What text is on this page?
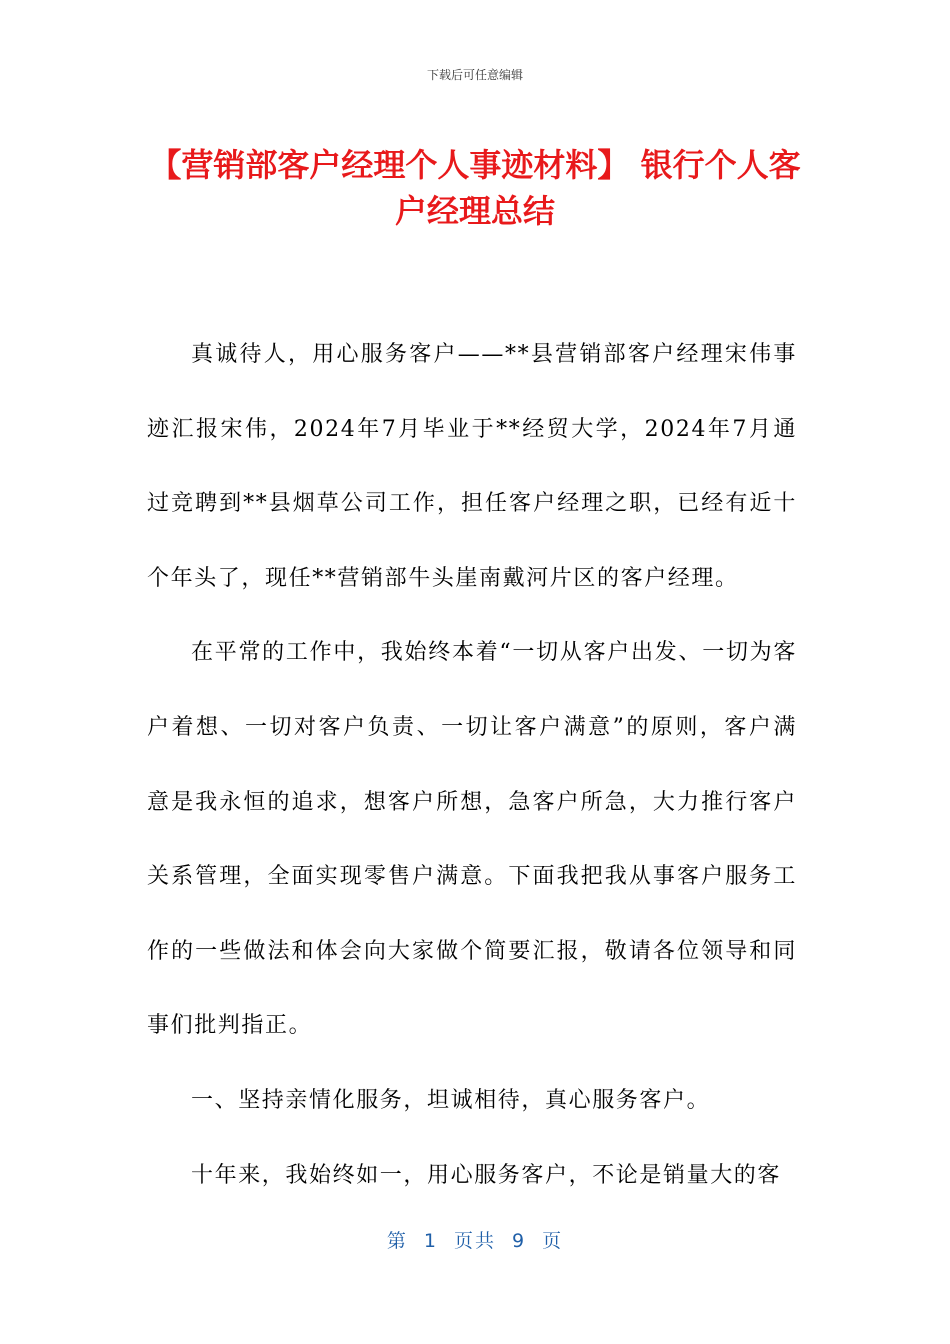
下载后可任意编辑
【营销部客户经理个人事迹材料】 银行个人客户经理总结

真诚待人，用心服务客户——**县营销部客户经理宋伟事迹汇报宋伟，2024年7月毕业于**经贸大学，2024年7月通过竞聘到**县烟草公司工作，担任客户经理之职，已经有近十个年头了，现任**营销部牛头崖南戴河片区的客户经理。

在平常的工作中，我始终本着“一切从客户出发、一切为客户着想、一切对客户负责、一切让客户满意”的原则，客户满意是我永恒的追求，想客户所想，急客户所急，大力推行客户关系管理，全面实现零售户满意。下面我把我从事客户服务工作的一些做法和体会向大家做个简要汇报，敬请各位领导和同事们批判指正。

一、坚持亲情化服务，坦诚相待，真心服务客户。

十年来，我始终如一，用心服务客户，不论是销量大的客

第 1 页共 9 页
